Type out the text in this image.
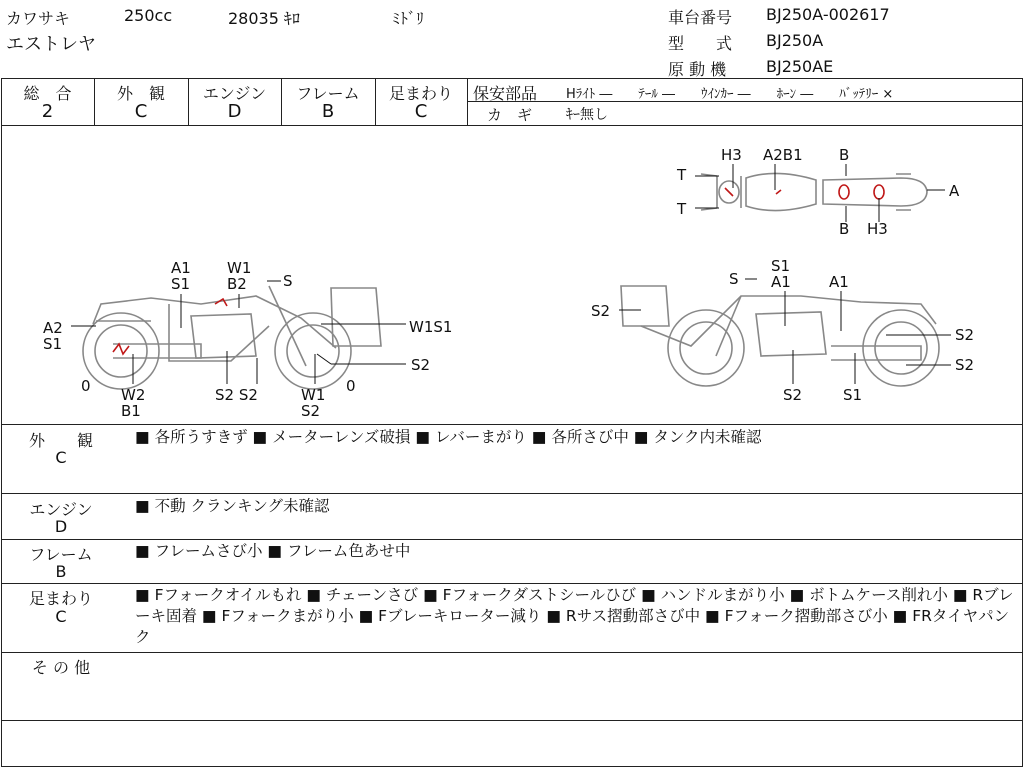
カワサキ	250cc	28035 ｷﾛ	ﾐﾄﾞﾘ
エストレヤ
車台番号 BJ250A-002617
型　　式 BJ250A
原 動 機 BJ250AE
総　合
2
外　観
C
エンジン
D
フレーム
B
足まわり
C
保安部品 Hﾗｲﾄ ―　　ﾃｰﾙ ―　　ｳｲﾝｶｰ ―　　ﾎｰﾝ ―　　ﾊﾞｯﾃﾘｰ ×
カ　ギ ｷｰ無し
H3 A2B1 B
T
T
A
B H3
A1
S1
W1
B2 S
A2
S1
W1S1
S2
0 W2
B1
S2 S2	W1
S2
0
S
S1
A1	A1
S2
S2
S2
S2	S1
外　　観
C
■ 各所うすきず ■ メーターレンズ破損 ■ レバーまがり ■ 各所さび中 ■ タンク内未確認
エンジン
D
■ 不動 クランキング未確認
フレーム
B
■ フレームさび小 ■ フレーム色あせ中
足まわり
C
■ Fフォークオイルもれ ■ チェーンさび ■ Fフォークダストシールひび ■ ハンドルまがり小 ■ ボトムケース削れ小 ■ Rブレーキ固着 ■ Fフォークまがり小 ■ Fブレーキローター減り ■ Rサス摺動部さび中 ■ Fフォーク摺動部さび小 ■ FRタイヤパンク
そ の 他
